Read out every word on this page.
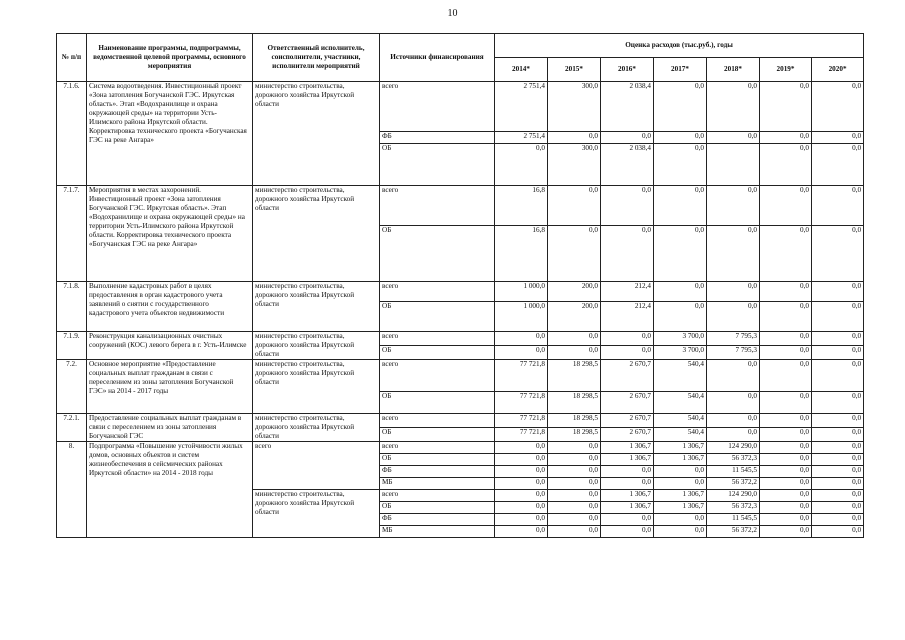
10
№ п/п	Наименование программы, подпрограммы, ведомственной целевой программы, основного мероприятия	Ответственный исполнитель, соисполнители, участники, исполнители мероприятий	Источники финансирования	Оценка расходов (тыс.руб.), годы						
				2014*	2015*	2016*	2017*	2018*	2019*	2020*
7.1.6.	Система водоотведения. Инвестиционный проект «Зона затопления Богучанской ГЭС. Иркутская область». Этап «Водохранилище и охрана окружающей среды» на территории Усть-Илимского района Иркутской области. Корректировка технического проекта «Богучанская ГЭС на реке Ангара»	министерство строительства, дорожного хозяйства Иркутской области	всего	2 751,4	300,0	2 038,4	0,0	0,0	0,0	0,0
			ФБ	2 751,4	0,0	0,0	0,0	0,0	0,0	0,0
			ОБ	0,0	300,0	2 038,4	0,0		0,0	0,0
7.1.7.	Мероприятия в местах захоронений. Инвестиционный проект «Зона затопления Богучанской ГЭС. Иркутская область». Этап «Водохранилище и охрана окружающей среды» на территории Усть-Илимского района Иркутской области. Корректировка технического проекта «Богучанская ГЭС на реке Ангара»	министерство строительства, дорожного хозяйства Иркутской области	всего	16,8	0,0	0,0	0,0	0,0	0,0	0,0
			ОБ	16,8	0,0	0,0	0,0	0,0	0,0	0,0
7.1.8.	Выполнение кадастровых работ в целях предоставления в орган кадастрового учета заявлений о снятии с государственного кадастрового учета объектов недвижимости	министерство строительства, дорожного хозяйства Иркутской области	всего	1 000,0	200,0	212,4	0,0	0,0	0,0	0,0
			ОБ	1 000,0	200,0	212,4	0,0	0,0	0,0	0,0
7.1.9.	Реконструкция канализационных очистных сооружений (КОС) левого берега в г. Усть-Илимске	министерство строительства, дорожного хозяйства Иркутской области	всего	0,0	0,0	0,0	3 700,0	7 795,3	0,0	0,0
			ОБ	0,0	0,0	0,0	3 700,0	7 795,3	0,0	0,0
7.2.	Основное мероприятие «Предоставление социальных выплат гражданам в связи с переселением из зоны затопления Богучанской ГЭС» на 2014 - 2017 годы	министерство строительства, дорожного хозяйства Иркутской области	всего	77 721,8	18 298,5	2 670,7	540,4	0,0	0,0	0,0
			ОБ	77 721,8	18 298,5	2 670,7	540,4	0,0	0,0	0,0
7.2.1.	Предоставление социальных выплат гражданам в связи с переселением из зоны затопления Богучанской ГЭС	министерство строительства, дорожного хозяйства Иркутской области	всего	77 721,8	18 298,5	2 670,7	540,4	0,0	0,0	0,0
			ОБ	77 721,8	18 298,5	2 670,7	540,4	0,0	0,0	0,0
8.	Подпрограмма «Повышение устойчивости жилых домов, основных объектов и систем жизнеобеспечения в сейсмических районах Иркутской области» на 2014 - 2018 годы	всего	всего	0,0	0,0	1 306,7	1 306,7	124 290,0	0,0	0,0
			ОБ	0,0	0,0	1 306,7	1 306,7	56 372,3	0,0	0,0
			ФБ	0,0	0,0	0,0	0,0	11 545,5	0,0	0,0
			МБ	0,0	0,0	0,0	0,0	56 372,2	0,0	0,0
		министерство строительства, дорожного хозяйства Иркутской области	всего	0,0	0,0	1 306,7	1 306,7	124 290,0	0,0	0,0
			ОБ	0,0	0,0	1 306,7	1 306,7	56 372,3	0,0	0,0
			ФБ	0,0	0,0	0,0	0,0	11 545,5	0,0	0,0
			МБ	0,0	0,0	0,0	0,0	56 372,2	0,0	0,0
